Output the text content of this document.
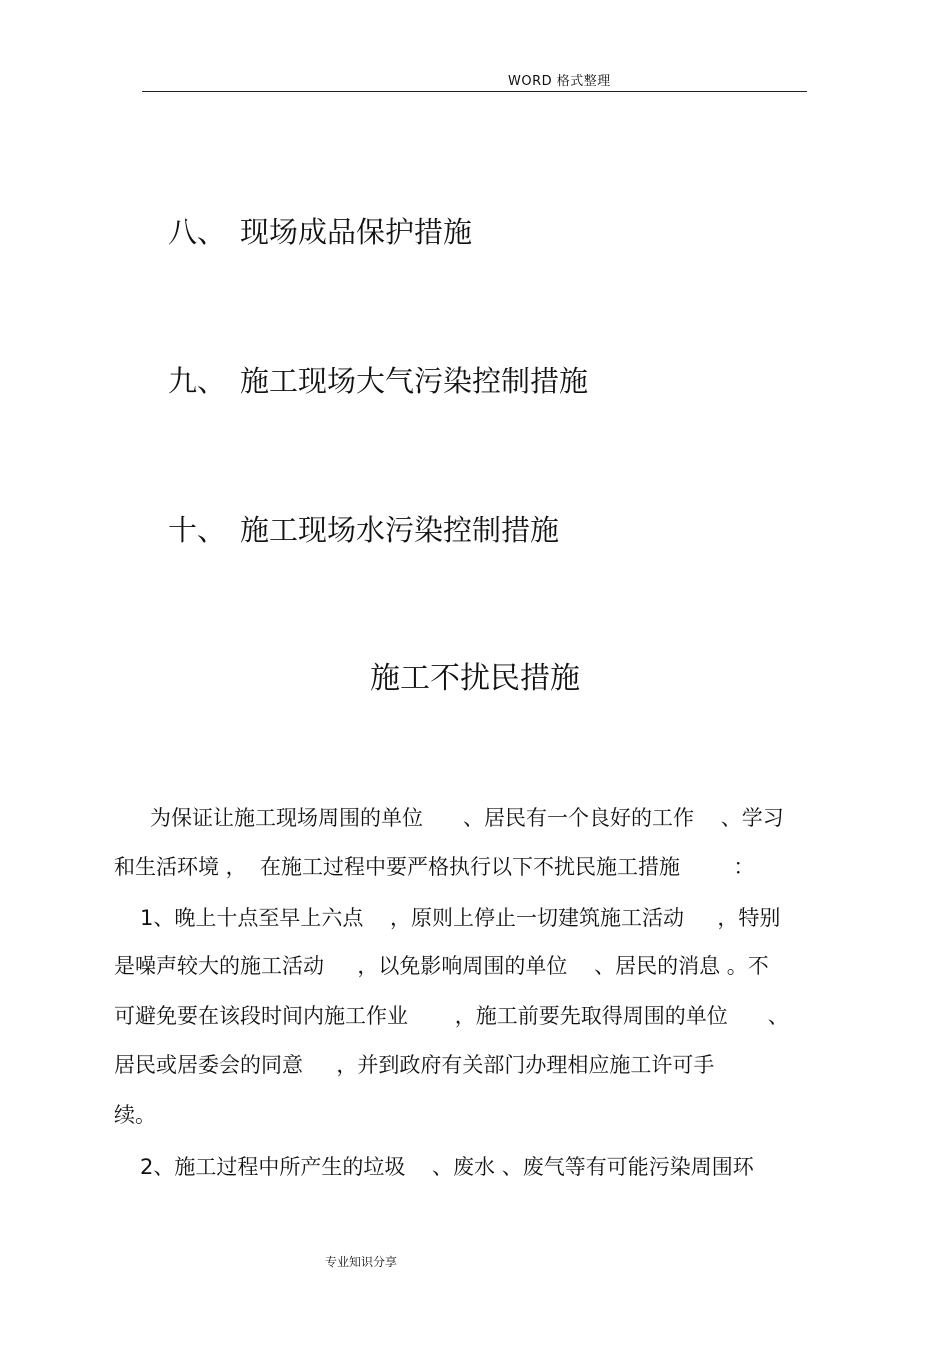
WORD 格式整理
八、 现场成品保护措施
九、 施工现场大气污染控制措施
十、 施工现场水污染控制措施
施工不扰民措施
为保证让施工现场周围的单位      、居民有一个良好的工作    、学习
和生活环境 ，  在施工过程中要严格执行以下不扰民施工措施        ：
1、晚上十点至早上六点    ，原则上停止一切建筑施工活动     ，特别
是噪声较大的施工活动     ，以免影响周围的单位    、居民的消息 。不
可避免要在该段时间内施工作业       ，施工前要先取得周围的单位      、
居民或居委会的同意     ，并到政府有关部门办理相应施工许可手
续。
2、施工过程中所产生的垃圾    、废水 、废气等有可能污染周围环
专业知识分享
